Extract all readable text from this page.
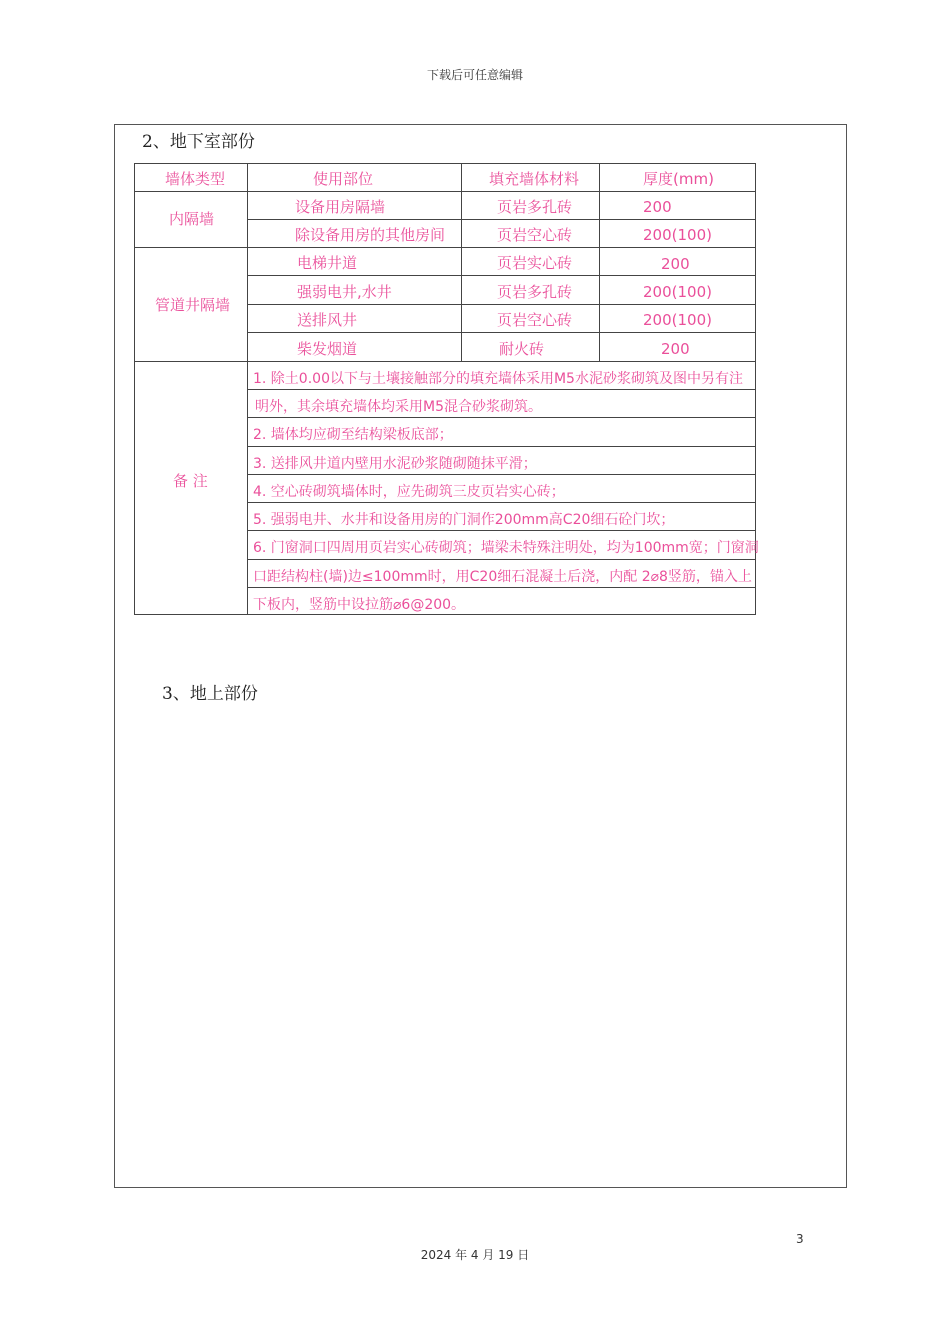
下载后可任意编辑
2、地下室部份
墙体类型	使用部位	填充墙体材料	厚度(mm)
内隔墙
设备用房隔墙	页岩多孔砖	200
除设备用房的其他房间	页岩空心砖	200(100)
管道井隔墙
电梯井道	页岩实心砖	200
强弱电井,水井	页岩多孔砖	200(100)
送排风井	页岩空心砖	200(100)
柴发烟道	耐火砖	200
备 注
1. 除土0.00以下与土壤接触部分的填充墙体采用M5水泥砂浆砌筑及图中另有注
明外，其余填充墙体均采用M5混合砂浆砌筑。
2. 墙体均应砌至结构梁板底部；
3. 送排风井道内壁用水泥砂浆随砌随抹平滑；
4. 空心砖砌筑墙体时，应先砌筑三皮页岩实心砖；
5. 强弱电井、水井和设备用房的门洞作200mm高C20细石砼门坎；
6. 门窗洞口四周用页岩实心砖砌筑；墙梁未特殊注明处，均为100mm宽；门窗洞
口距结构柱(墙)边≤100mm时，用C20细石混凝土后浇，内配 2⌀8竖筋，锚入上
下板内，竖筋中设拉筋⌀6@200。
3、地上部份
3
2024 年 4 月 19 日
